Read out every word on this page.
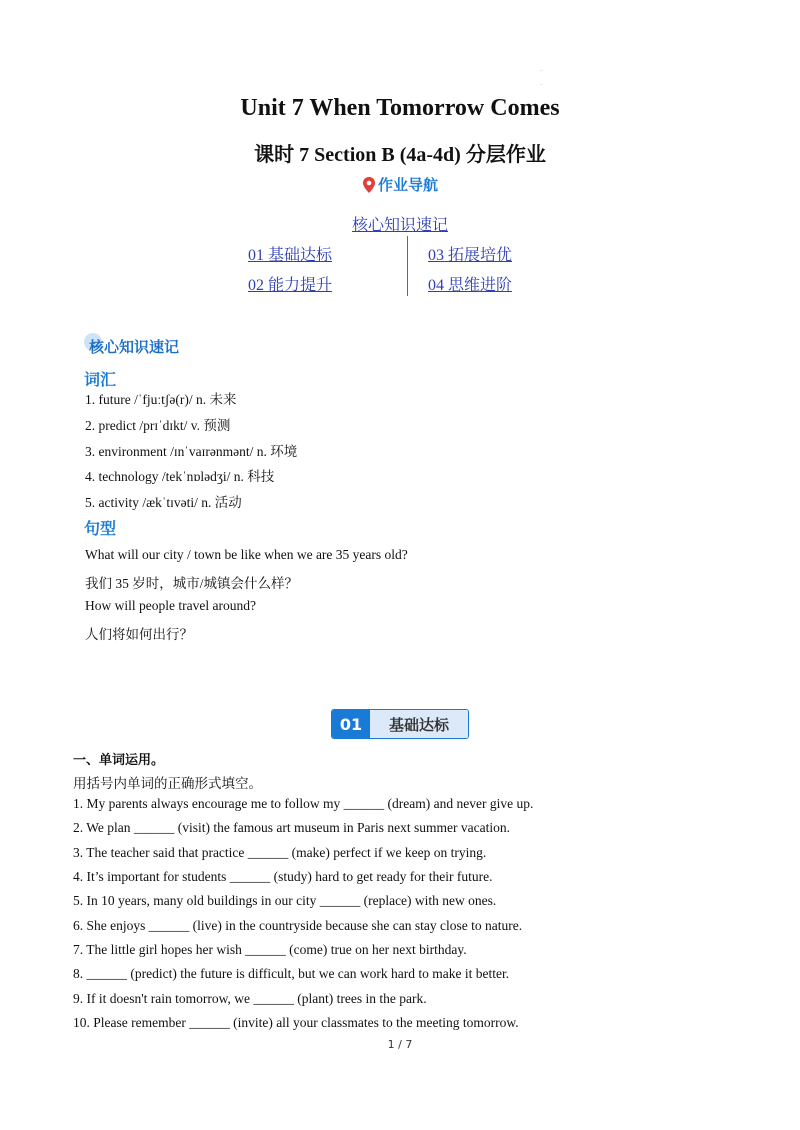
·
·
Unit 7 When Tomorrow Comes
课时 7 Section B (4a-4d) 分层作业
作业导航
核心知识速记
01 基础达标
02 能力提升
03 拓展培优
04 思维进阶
核心知识速记
词汇
1. future /ˈfjuːtʃə(r)/ n. 未来
2. predict /prɪˈdɪkt/ v. 预测
3. environment /ɪnˈvaɪrənmənt/ n. 环境
4. technology /tekˈnɒlədʒi/ n. 科技
5. activity /ækˈtɪvəti/ n. 活动
句型
What will our city / town be like when we are 35 years old?
我们 35 岁时，城市/城镇会什么样？
How will people travel around?
人们将如何出行？
01	基础达标
一、单词运用。
用括号内单词的正确形式填空。
1. My parents always encourage me to follow my ______ (dream) and never give up.
2. We plan ______ (visit) the famous art museum in Paris next summer vacation.
3. The teacher said that practice ______ (make) perfect if we keep on trying.
4. It’s important for students ______ (study) hard to get ready for their future.
5. In 10 years, many old buildings in our city ______ (replace) with new ones.
6. She enjoys ______ (live) in the countryside because she can stay close to nature.
7. The little girl hopes her wish ______ (come) true on her next birthday.
8. ______ (predict) the future is difficult, but we can work hard to make it better.
9. If it doesn't rain tomorrow, we ______ (plant) trees in the park.
10. Please remember ______ (invite) all your classmates to the meeting tomorrow.
1 / 7
